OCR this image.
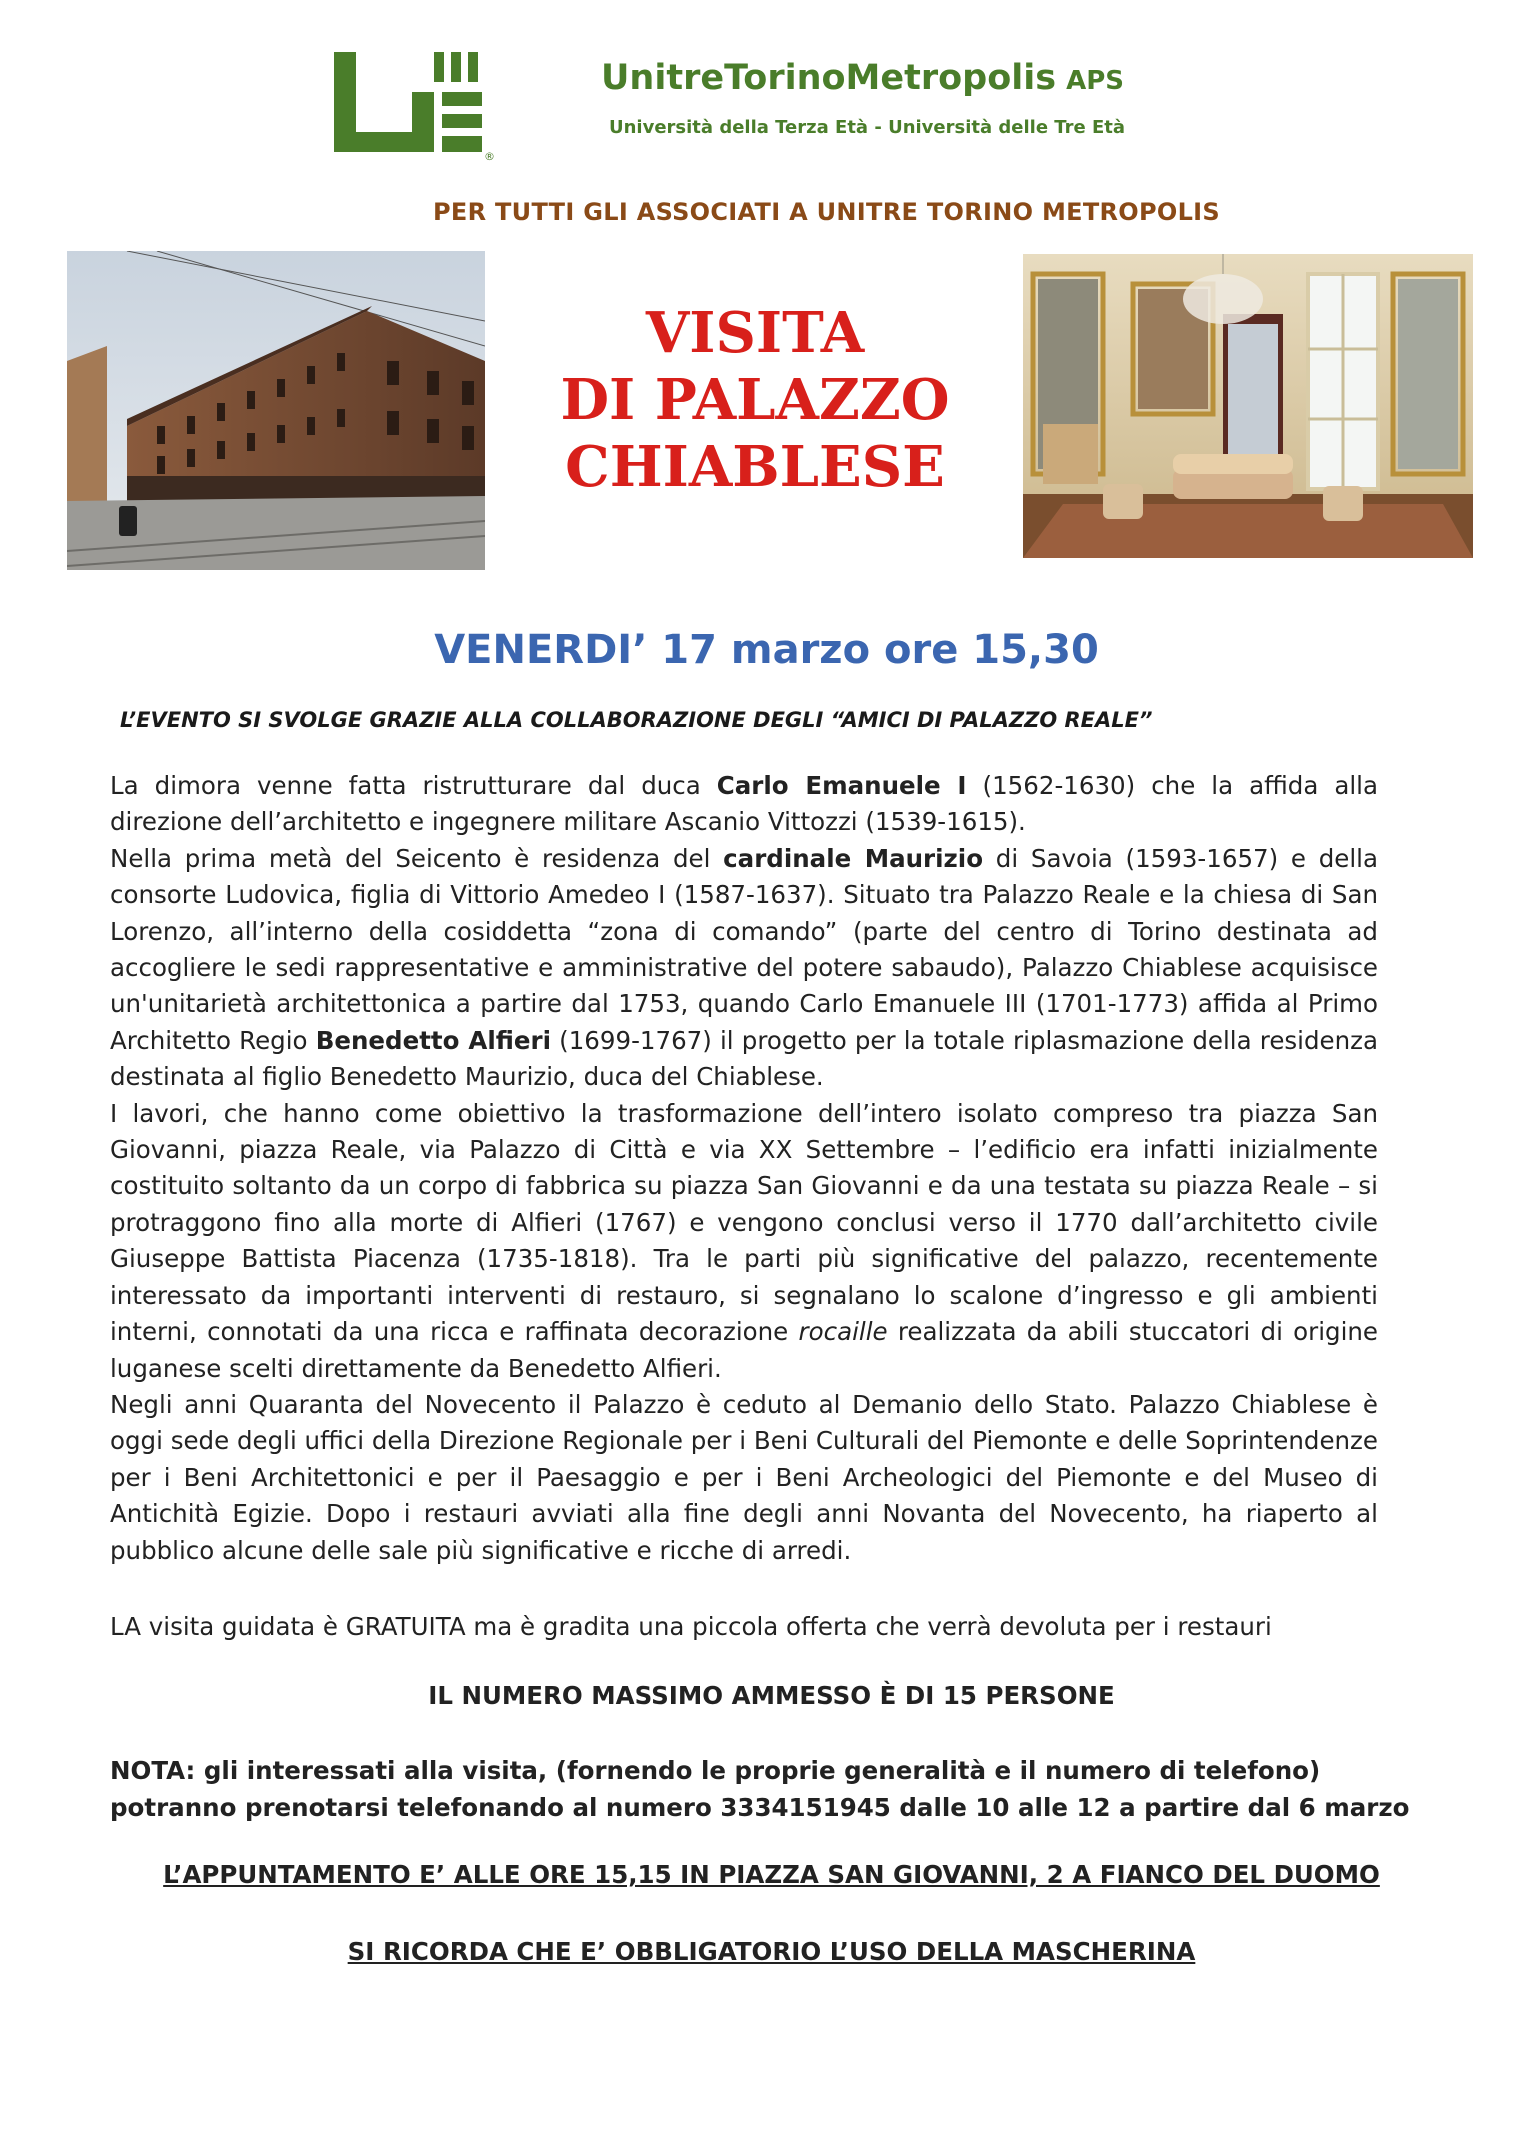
®
UnitreTorinoMetropolis APS
Università della Terza Età - Università delle Tre Età
PER TUTTI GLI ASSOCIATI A UNITRE TORINO METROPOLIS
VISITA
DI PALAZZO
CHIABLESE
VENERDI’ 17 marzo ore 15,30
L’EVENTO SI SVOLGE GRAZIE ALLA COLLABORAZIONE DEGLI “AMICI DI PALAZZO REALE”

La dimora venne fatta ristrutturare dal duca Carlo Emanuele I (1562-1630) che la affida alla direzione dell’architetto e ingegnere militare Ascanio Vittozzi (1539-1615).

Nella prima metà del Seicento è residenza del cardinale Maurizio di Savoia (1593-1657) e della consorte Ludovica, figlia di Vittorio Amedeo I (1587-1637). Situato tra Palazzo Reale e la chiesa di San Lorenzo, all’interno della cosiddetta “zona di comando” (parte del centro di Torino destinata ad accogliere le sedi rappresentative e amministrative del potere sabaudo), Palazzo Chiablese acquisisce un'unitarietà architettonica a partire dal 1753, quando Carlo Emanuele III (1701-1773) affida al Primo Architetto Regio Benedetto Alfieri (1699-1767) il progetto per la totale riplasmazione della residenza destinata al figlio Benedetto Maurizio, duca del Chiablese.

I lavori, che hanno come obiettivo la trasformazione dell’intero isolato compreso tra piazza San Giovanni, piazza Reale, via Palazzo di Città e via XX Settembre – l’edificio era infatti inizialmente costituito soltanto da un corpo di fabbrica su piazza San Giovanni e da una testata su piazza Reale – si protraggono fino alla morte di Alfieri (1767) e vengono conclusi verso il 1770 dall’architetto civile Giuseppe Battista Piacenza (1735-1818). Tra le parti più significative del palazzo, recentemente interessato da importanti interventi di restauro, si segnalano lo scalone d’ingresso e gli ambienti interni, connotati da una ricca e raffinata decorazione rocaille realizzata da abili stuccatori di origine luganese scelti direttamente da Benedetto Alfieri.

Negli anni Quaranta del Novecento il Palazzo è ceduto al Demanio dello Stato. Palazzo Chiablese è oggi sede degli uffici della Direzione Regionale per i Beni Culturali del Piemonte e delle Soprintendenze per i Beni Architettonici e per il Paesaggio e per i Beni Archeologici del Piemonte e del Museo di Antichità Egizie. Dopo i restauri avviati alla fine degli anni Novanta del Novecento, ha riaperto al pubblico alcune delle sale più significative e ricche di arredi.

LA visita guidata è GRATUITA ma è gradita una piccola offerta che verrà devoluta per i restauri
IL NUMERO MASSIMO AMMESSO È DI 15 PERSONE
NOTA: gli interessati alla visita, (fornendo le proprie generalità e il numero di telefono)
potranno prenotarsi telefonando al numero 3334151945 dalle 10 alle 12 a partire dal 6 marzo
L’APPUNTAMENTO E’ ALLE ORE 15,15 IN PIAZZA SAN GIOVANNI, 2 A FIANCO DEL DUOMO
SI RICORDA CHE E’ OBBLIGATORIO L’USO DELLA MASCHERINA
